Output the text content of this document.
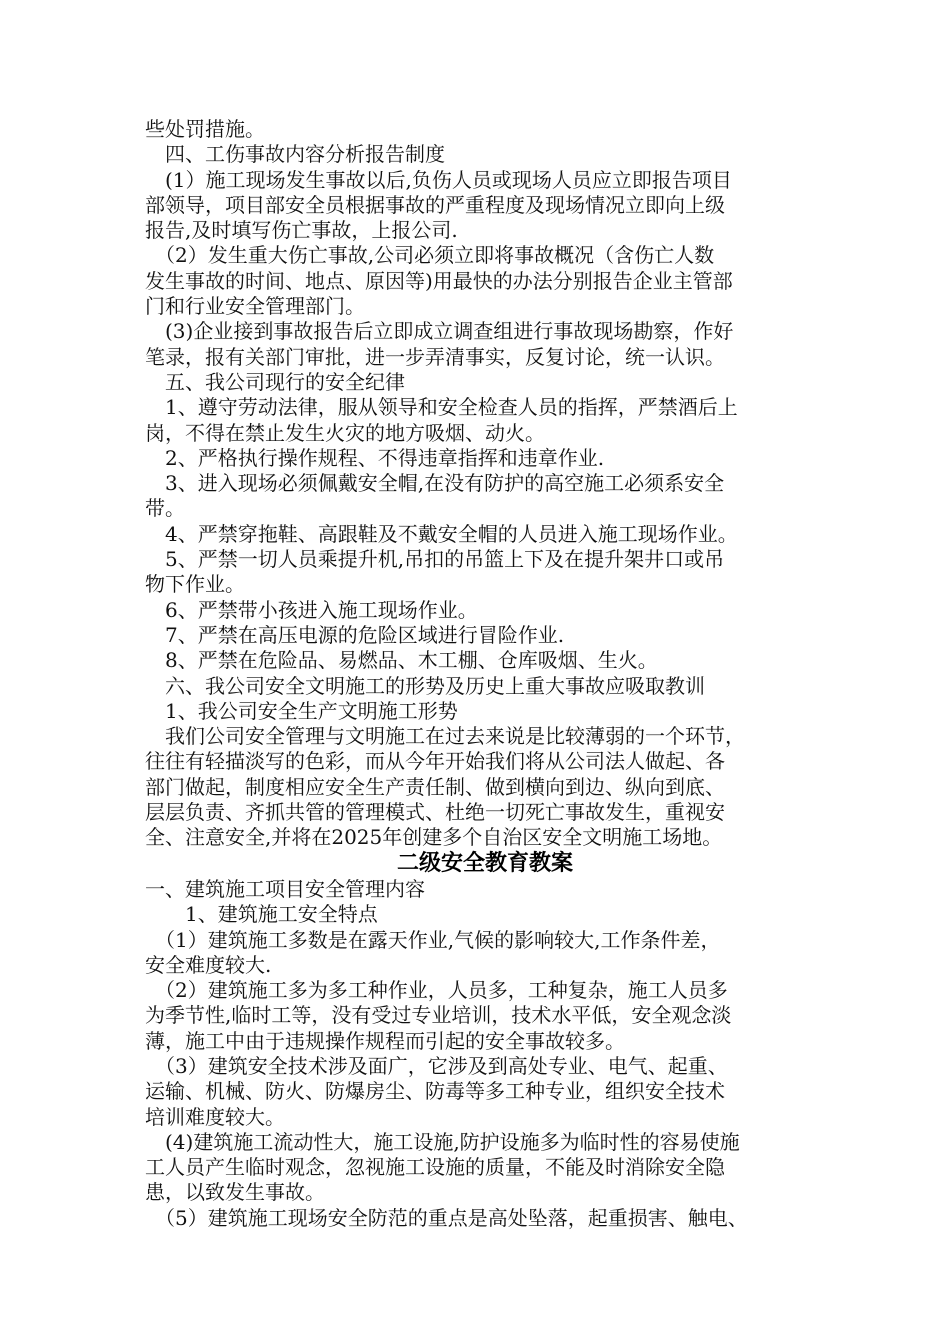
些处罚措施。
　四、工伤事故内容分析报告制度
　(1）施工现场发生事故以后,负伤人员或现场人员应立即报告项目
部领导，项目部安全员根据事故的严重程度及现场情况立即向上级
报告,及时填写伤亡事故，上报公司.
　（2）发生重大伤亡事故,公司必须立即将事故概况（含伤亡人数
发生事故的时间、地点、原因等)用最快的办法分别报告企业主管部
门和行业安全管理部门。
　(3)企业接到事故报告后立即成立调查组进行事故现场勘察，作好
笔录，报有关部门审批，进一步弄清事实，反复讨论，统一认识。
　五、我公司现行的安全纪律
　1、遵守劳动法律，服从领导和安全检查人员的指挥，严禁酒后上
岗，不得在禁止发生火灾的地方吸烟、动火。
　2、严格执行操作规程、不得违章指挥和违章作业.
　3、进入现场必须佩戴安全帽,在没有防护的高空施工必须系安全
带。
　4、严禁穿拖鞋、高跟鞋及不戴安全帽的人员进入施工现场作业。
　5、严禁一切人员乘提升机,吊扣的吊篮上下及在提升架井口或吊
物下作业。
　6、严禁带小孩进入施工现场作业。
　7、严禁在高压电源的危险区域进行冒险作业.
　8、严禁在危险品、易燃品、木工棚、仓库吸烟、生火。
　六、我公司安全文明施工的形势及历史上重大事故应吸取教训
　1、我公司安全生产文明施工形势
　我们公司安全管理与文明施工在过去来说是比较薄弱的一个环节，
往往有轻描淡写的色彩，而从今年开始我们将从公司法人做起、各
部门做起，制度相应安全生产责任制、做到横向到边、纵向到底、
层层负责、齐抓共管的管理模式、杜绝一切死亡事故发生，重视安
全、注意安全,并将在2025年创建多个自治区安全文明施工场地。
二级安全教育教案
一、建筑施工项目安全管理内容
　　1、建筑施工安全特点
　（1）建筑施工多数是在露天作业,气候的影响较大,工作条件差，
安全难度较大.
　（2）建筑施工多为多工种作业，人员多，工种复杂，施工人员多
为季节性,临时工等，没有受过专业培训，技术水平低，安全观念淡
薄，施工中由于违规操作规程而引起的安全事故较多。
　（3）建筑安全技术涉及面广，它涉及到高处专业、电气、起重、
运输、机械、防火、防爆房尘、防毒等多工种专业，组织安全技术
培训难度较大。
　(4)建筑施工流动性大，施工设施,防护设施多为临时性的容易使施
工人员产生临时观念，忽视施工设施的质量，不能及时消除安全隐
患，以致发生事故。
　（5）建筑施工现场安全防范的重点是高处坠落，起重损害、触电、
